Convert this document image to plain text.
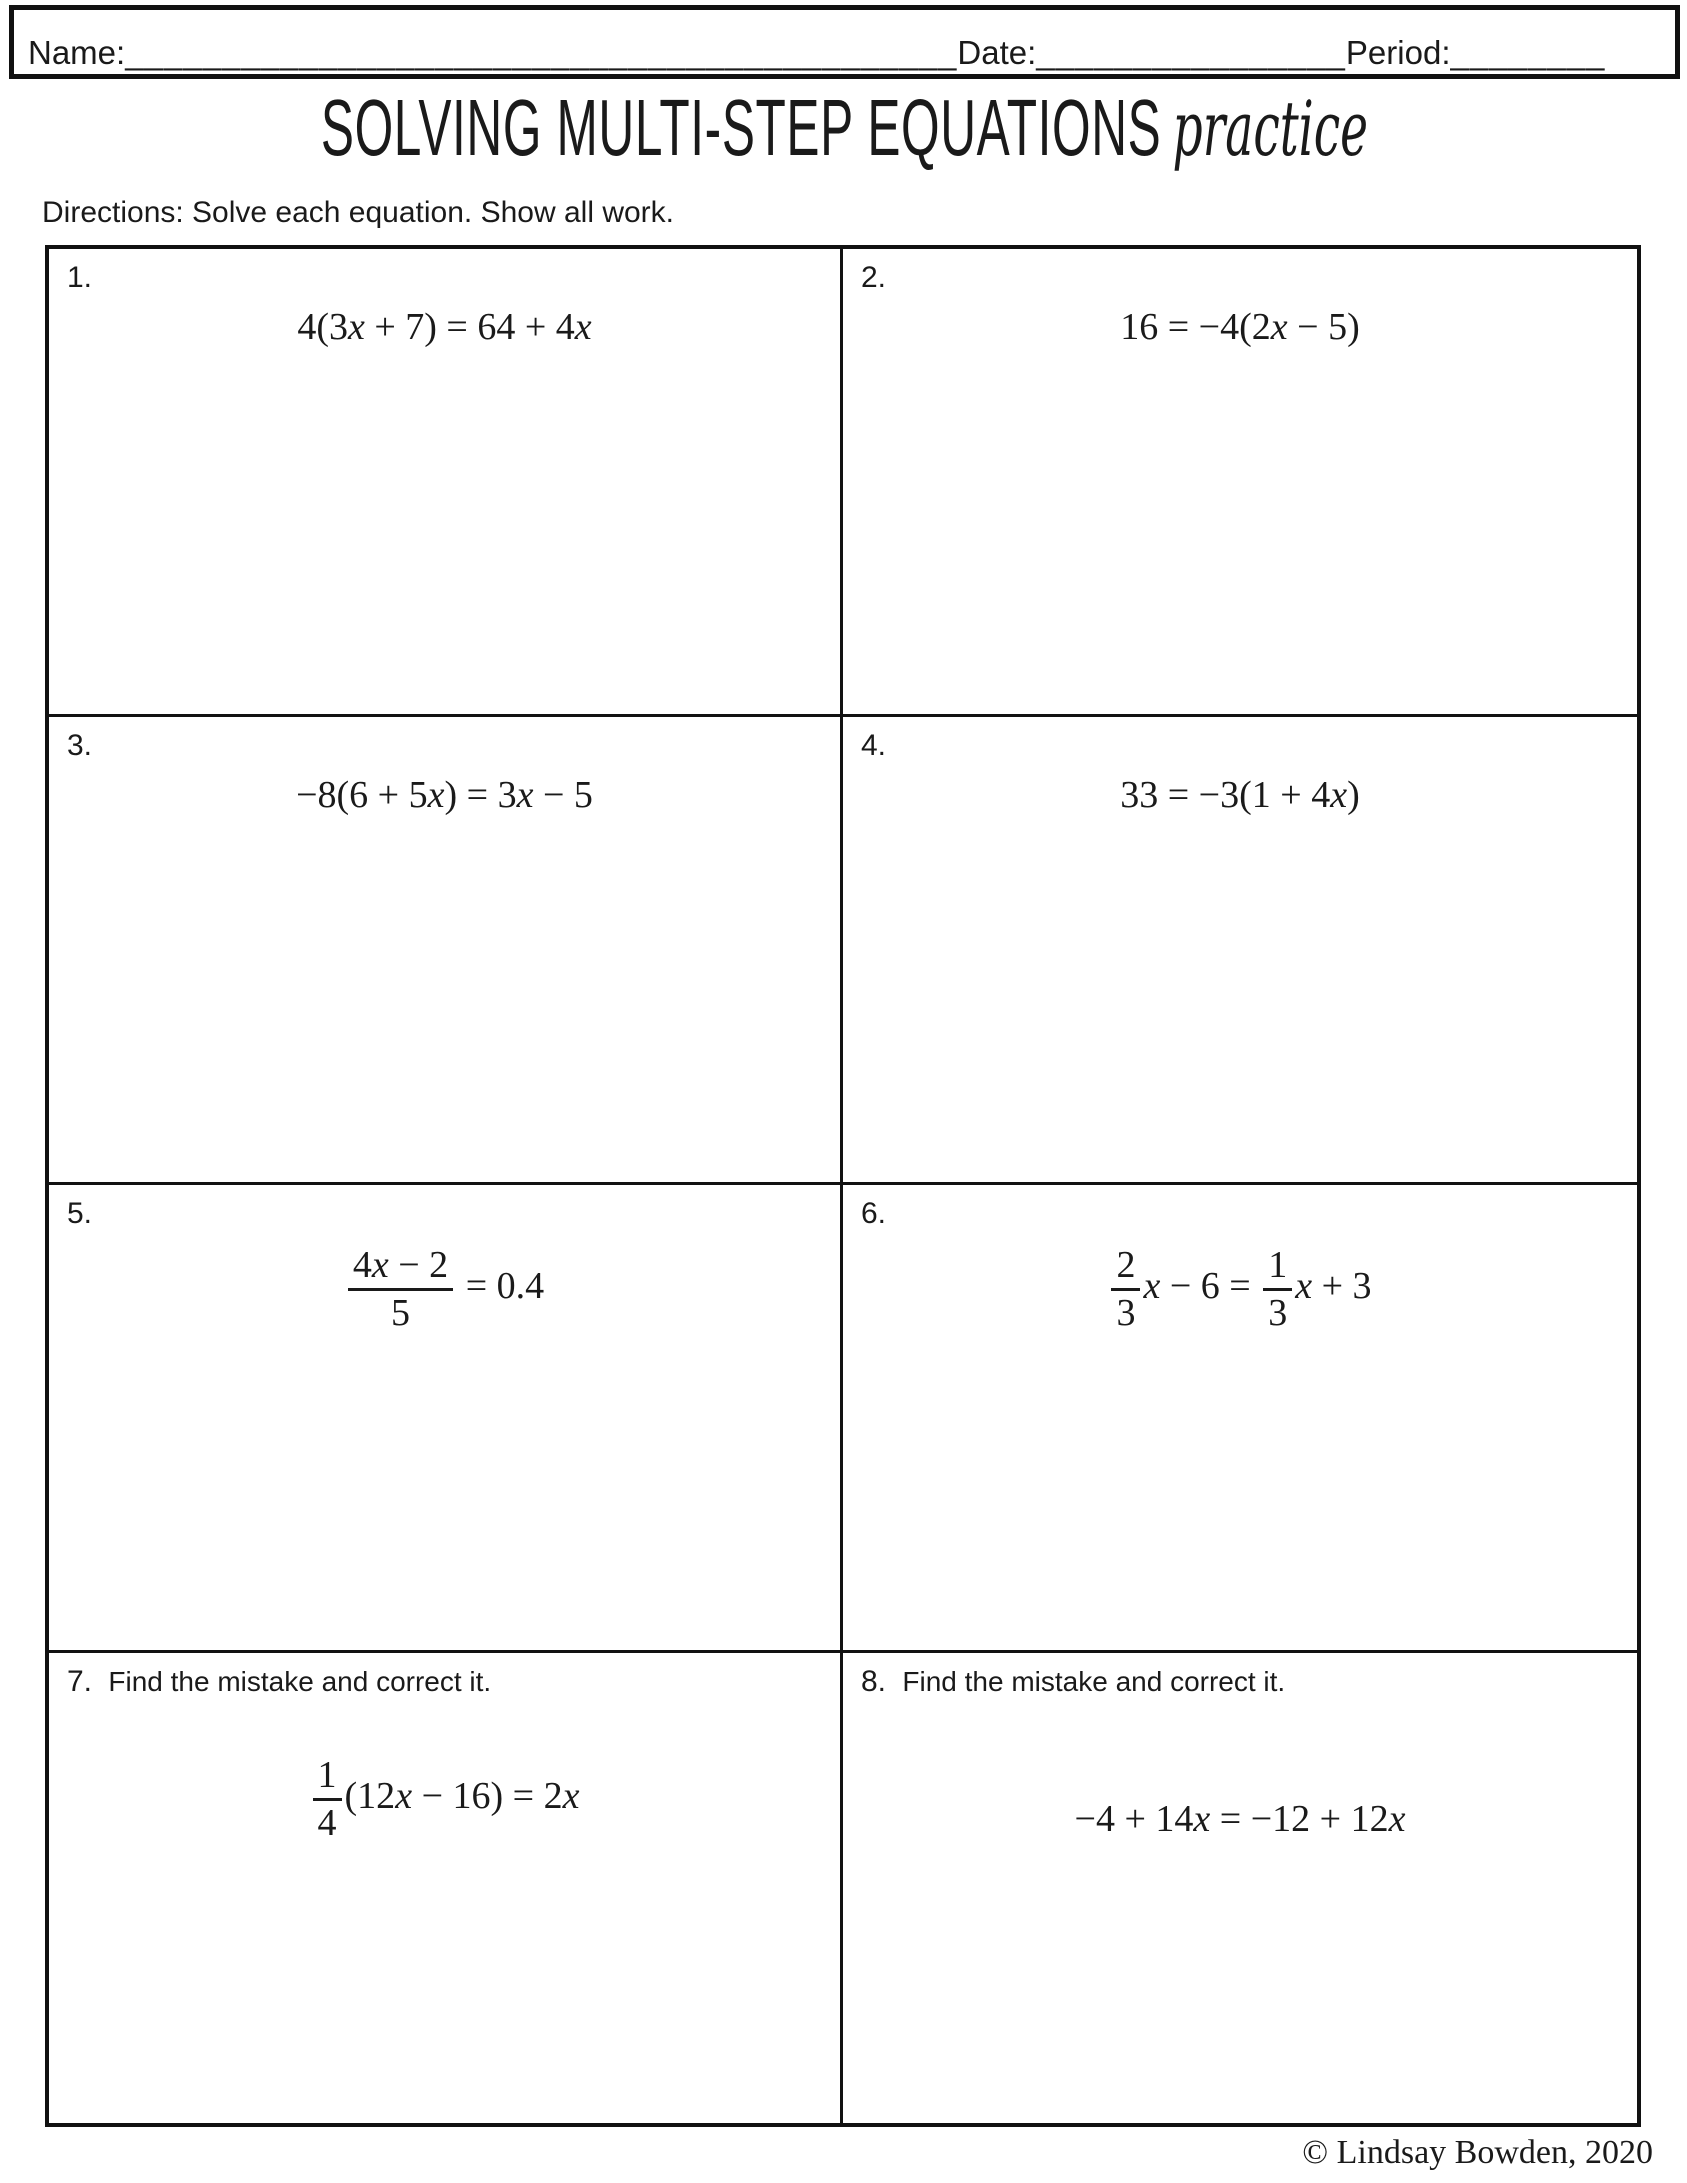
Name:___________________________________________Date:________________Period:________
SOLVING MULTI-STEP EQUATIONS practice
Directions: Solve each equation. Show all work.
1.
4(3x + 7) = 64 + 4x
2.
16 = −4(2x − 5)
3.
−8(6 + 5x) = 3x − 5
4.
33 = −3(1 + 4x)
5.
$\frac{4x - 2}{5} = 0.4$
6.
$\frac{2}{3}$ $x - 6 = \frac{1}{3}$ x + 3
7. Find the mistake and correct it.
$\frac{1}{4} (12x - 16) = 2x$
8. Find the mistake and correct it.
−4 + 14x = −12 + 12x
© Lindsay Bowden, 2020
